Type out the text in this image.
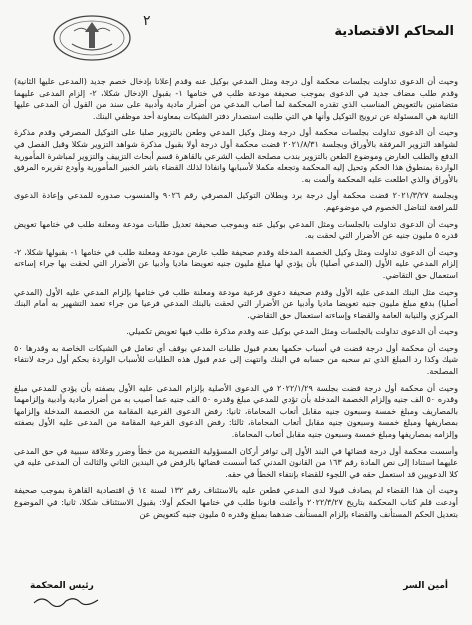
٢
المحاكم الاقتصادية

وحيث أن الدعوى تداولت بجلسات محكمة أول درجة ومثل المدعي بوكيل عنه وقدم إعلانا بإدخال خصم جديد (المدعى عليها الثانية) وقدم طلب مضاف جديد في الدعوى بموجب صحيفة مودعة طلب في ختامها ١- بقبول الإدخال شكلا، ٢- إلزام المدعى عليهما متضامنين بالتعويض المناسب الذي تقدره المحكمة لما أصاب المدعي من أضرار مادية وأدبية على سند من القول أن المدعى عليها الثانية هي المسئولة عن ترويج التوكيل وأنها هي التي طلبت استصدار دفتر الشيكات بمعاونة أحد موظفي البنك.

وحيث أن الدعوى تداولت بجلسات محكمة أول درجة ومثل وكيل المدعي وطعن بالتزوير صلبا على التوكيل المصرفي وقدم مذكرة لشواهد التزوير المرفقة بالأوراق وبجلسة ٢٠٢١/٨/٣١ قضت محكمة أول درجة أولا بقبول مذكرة شواهد التزوير شكلا وقبل الفصل في الدفع والطلب العارض وموضوع الطعن بالتزوير بندب مصلحة الطب الشرعي بالقاهرة قسم أبحاث التزييف والتزوير لمباشرة المأمورية الواردة بمنطوق هذا الحكم وتحيل إليه المحكمة وتجعله مكملا لأسبابها وانفاذا لذلك القضاء باشر الخبير المأمورية وأودع تقريره المرفق بالأوراق والذي اطلعت عليه المحكمة وألمت به.

وبجلسة ٢٠٢١/٣/٢٧ قضت محكمة أول درجة برد وبطلان التوكيل المصرفي رقم ٩٠٢٦ والمنسوب صدوره للمدعي وإعادة الدعوى للمرافعة لتناضل الخصوم في موضوعهم.

وحيث أن الدعوى تداولت بالجلسات ومثل المدعي بوكيل عنه وبموجب صحيفة تعديل طلبات مودعة ومعلنة طلب في ختامها تعويض قدره ٥ مليون جنيه عن الأضرار التي لحقت به.

وحيث أن الدعوى تداولت ومثل وكيل الخصمة المدخلة وقدم صحيفة طلب عارض مودعة ومعلنة طلب في ختامها ١- بقبولها شكلا، ٢- إلزام المدعي عليه الأول (المدعي أصليا) بأن يؤدي لها مبلغ مليون جنيه تعويضا ماديا وأدبيا عن الأضرار التي لحقت بها جراء إساءته استعمال حق التقاضي.

وحيث مثل البنك المدعى عليه الأول وقدم صحيفة دعوى فرعية مودعة ومعلنة طلب في ختامها بإلزام المدعي عليه الأول (المدعي أصليا) بدفع مبلغ مليون جنيه تعويضا ماديا وأدبيا عن الأضرار التي لحقت بالبنك المدعي فرعيا من جراء تعمد التشهير به أمام البنك المركزي والنيابة العامة والقضاء وإساءته استعمال حق التقاضي.

وحيث أن الدعوى تداولت بالجلسات ومثل المدعي بوكيل عنه وقدم مذكرة طلب فيها تعويض تكميلي.

وحيث أن محكمة أول درجة قضت في أسباب حكمها بعدم قبول طلبات المدعي بوقف أي تعامل في الشيكات الخاصة به وقدرها ٥٠ شيك وكذا رد المبلغ الذي تم سحبه من حسابه في البنك وانتهت إلى عدم قبول هذه الطلبات للأسباب الواردة بحكم أول درجة لانتفاء المصلحة.

وحيث أن محكمة أول درجة قضت بجلسة ٢٠٢٢/١/٢٩ في الدعوى الأصلية بإلزام المدعى عليه الأول بصفته بأن يؤدي للمدعي مبلغ وقدره ٥٠ الف جنيه وإلزام الخصمة المدخلة بأن تؤدي للمدعي مبلغ وقدره ٥٠ الف جنيه عما أصيب به من أضرار مادية وأدبية وإلزامهما بالمصاريف ومبلغ خمسة وسبعون جنيه مقابل أتعاب المحاماة، ثانيا: رفض الدعوى الفرعية المقامة من الخصمة المدخلة وإلزامها بمصاريفها ومبلغ خمسة وسبعون جنيه مقابل أتعاب المحاماة، ثالثا: رفض الدعوى الفرعية المقامة من المدعى عليه الأول بصفته وإلزامه بمصاريفها ومبلغ خمسة وسبعون جنيه مقابل أتعاب المحاماة.

وأسست محكمة أول درجة قضائها في البند الأول إلى توافر أركان المسؤولية التقصيرية من خطأ وضرر وعلاقة سببية في حق المدعى عليهما استنادا إلى نص المادة رقم ١٦٣ من القانون المدني كما أسست قضائها بالرفض في البندين الثاني والثالث أن المدعى عليه في كلا الدعويين قد استعمل حقه في اللجوء للقضاء بإنتفاء الخطأ في حقه.

وحيث أن هذا القضاء لم يصادف قبولا لدى المدعي فطعن عليه بالاستئناف رقم ١٣٢ لسنة ١٤ ق اقتصادية القاهرة بموجب صحيفة أودعت قلم كتاب المحكمة بتاريخ ٢٠٢٢/٣/٢٧ وأعلنت قانونا طلب في ختامها الحكم أولا: بقبول الاستئناف شكلا، ثانيا: في الموضوع بتعديل الحكم المستأنف والقضاء بإلزام المستأنف ضدهما بمبلغ وقدره ٥ مليون جنيه كتعويض عن

أمين السر
رئيس المحكمة
